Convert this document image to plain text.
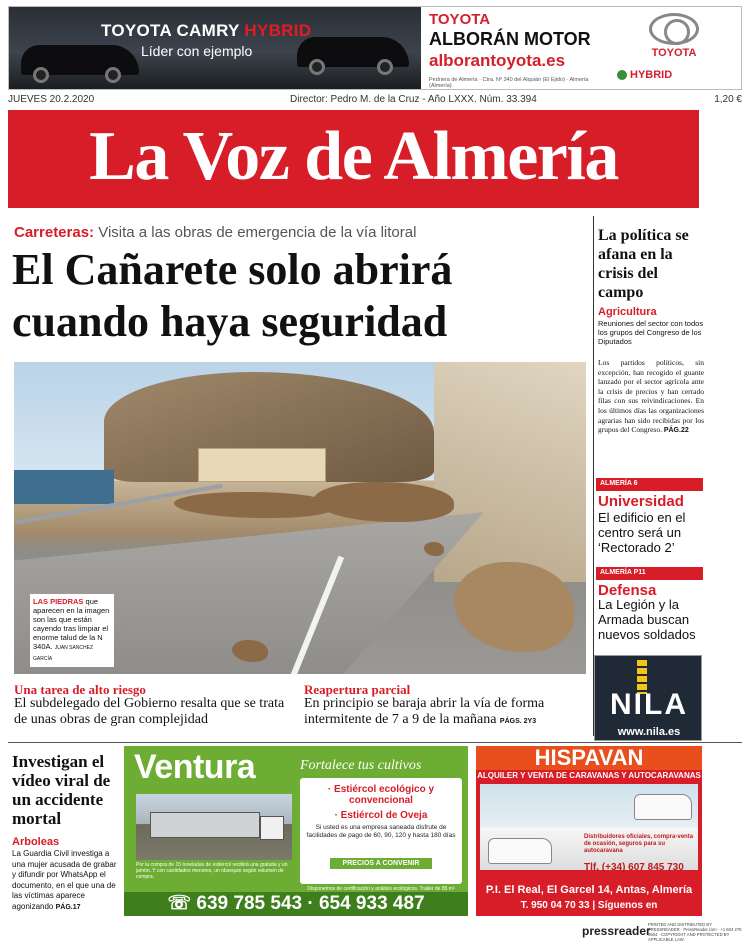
TOYOTA CAMRY HYBRID
Líder con ejemplo
TOYOTA
ALBORÁN MOTOR
alborantoyota.es
Pedriera de Almería · Ctra. Nº 340 del Alquián (El Ejido) · Almería (Almería)
TOYOTA
HYBRID
JUEVES 20.2.2020	Director: Pedro M. de la Cruz - Año LXXX. Núm. 33.394	1,20 €
La Voz de Almería
Carreteras: Visita a las obras de emergencia de la vía litoral
El Cañarete solo abrirá cuando haya seguridad
LAS PIEDRAS que aparecen en la imagen son las que están cayendo tras limpiar el enorme talud de la N 340A. JUAN SANCHEZ GARCÍA
Una tarea de alto riesgo
El subdelegado del Gobierno resalta que se trata de unas obras de gran complejidad
Reapertura parcial
En principio se baraja abrir la vía de forma intermitente de 7 a 9 de la mañana PÁGS. 2Y3
La política se afana en la crisis del campo
Agricultura
Reuniones del sector con todos los grupos del Congreso de los Diputados
Los partidos políticos, sin excepción, han recogido el guante lanzado por el sector agrícola ante la crisis de precios y han cerrado filas con sus reivindicaciones. En los últimos días las organizaciones agrarias han sido recibidas por los grupos del Congreso. PÁG.22
ALMERÍA 6
Universidad
El edificio en el centro será un ‘Rectorado 2’
ALMERÍA P11
Defensa
La Legión y la Armada buscan nuevos soldados
NILA
www.nila.es
Investigan el vídeo viral de un accidente mortal
Arboleas
La Guardia Civil investiga a una mujer acusada de grabar y difundir por WhatsApp el documento, en el que una de las víctimas aparece agonizando PÁG.17
Ventura	Fortalece tus cultivos
Por la compra de 15 toneladas de estiércol recibirá una gratuita y un jamón. Y con cantidades menores, un obsequio según volumen de compra.
· Estiércol ecológico y convencional
· Estiércol de Oveja
Si usted es una empresa saneada disfrute de facilidades de pago de 60, 90, 120 y hasta 180 días
PRECIOS A CONVENIR
Disponemos de certificación y análisis ecológicos. Tráiler de 85 m³
☏ 639 785 543 · 654 933 487
HISPAVAN
ALQUILER Y VENTA DE CARAVANAS Y AUTOCARAVANAS
Distribuidores oficiales, compra-venta de ocasión, seguros para su autocaravana
Tlf. (+34) 607 845 730
P.I. El Real, El Garcel 14, Antas, Almería
T. 950 04 70 33 | Síguenos en
pressreader
PRINTED AND DISTRIBUTED BY PRESSREADER · PressReader.com · +1 604 278 4604 · COPYRIGHT AND PROTECTED BY APPLICABLE LAW
